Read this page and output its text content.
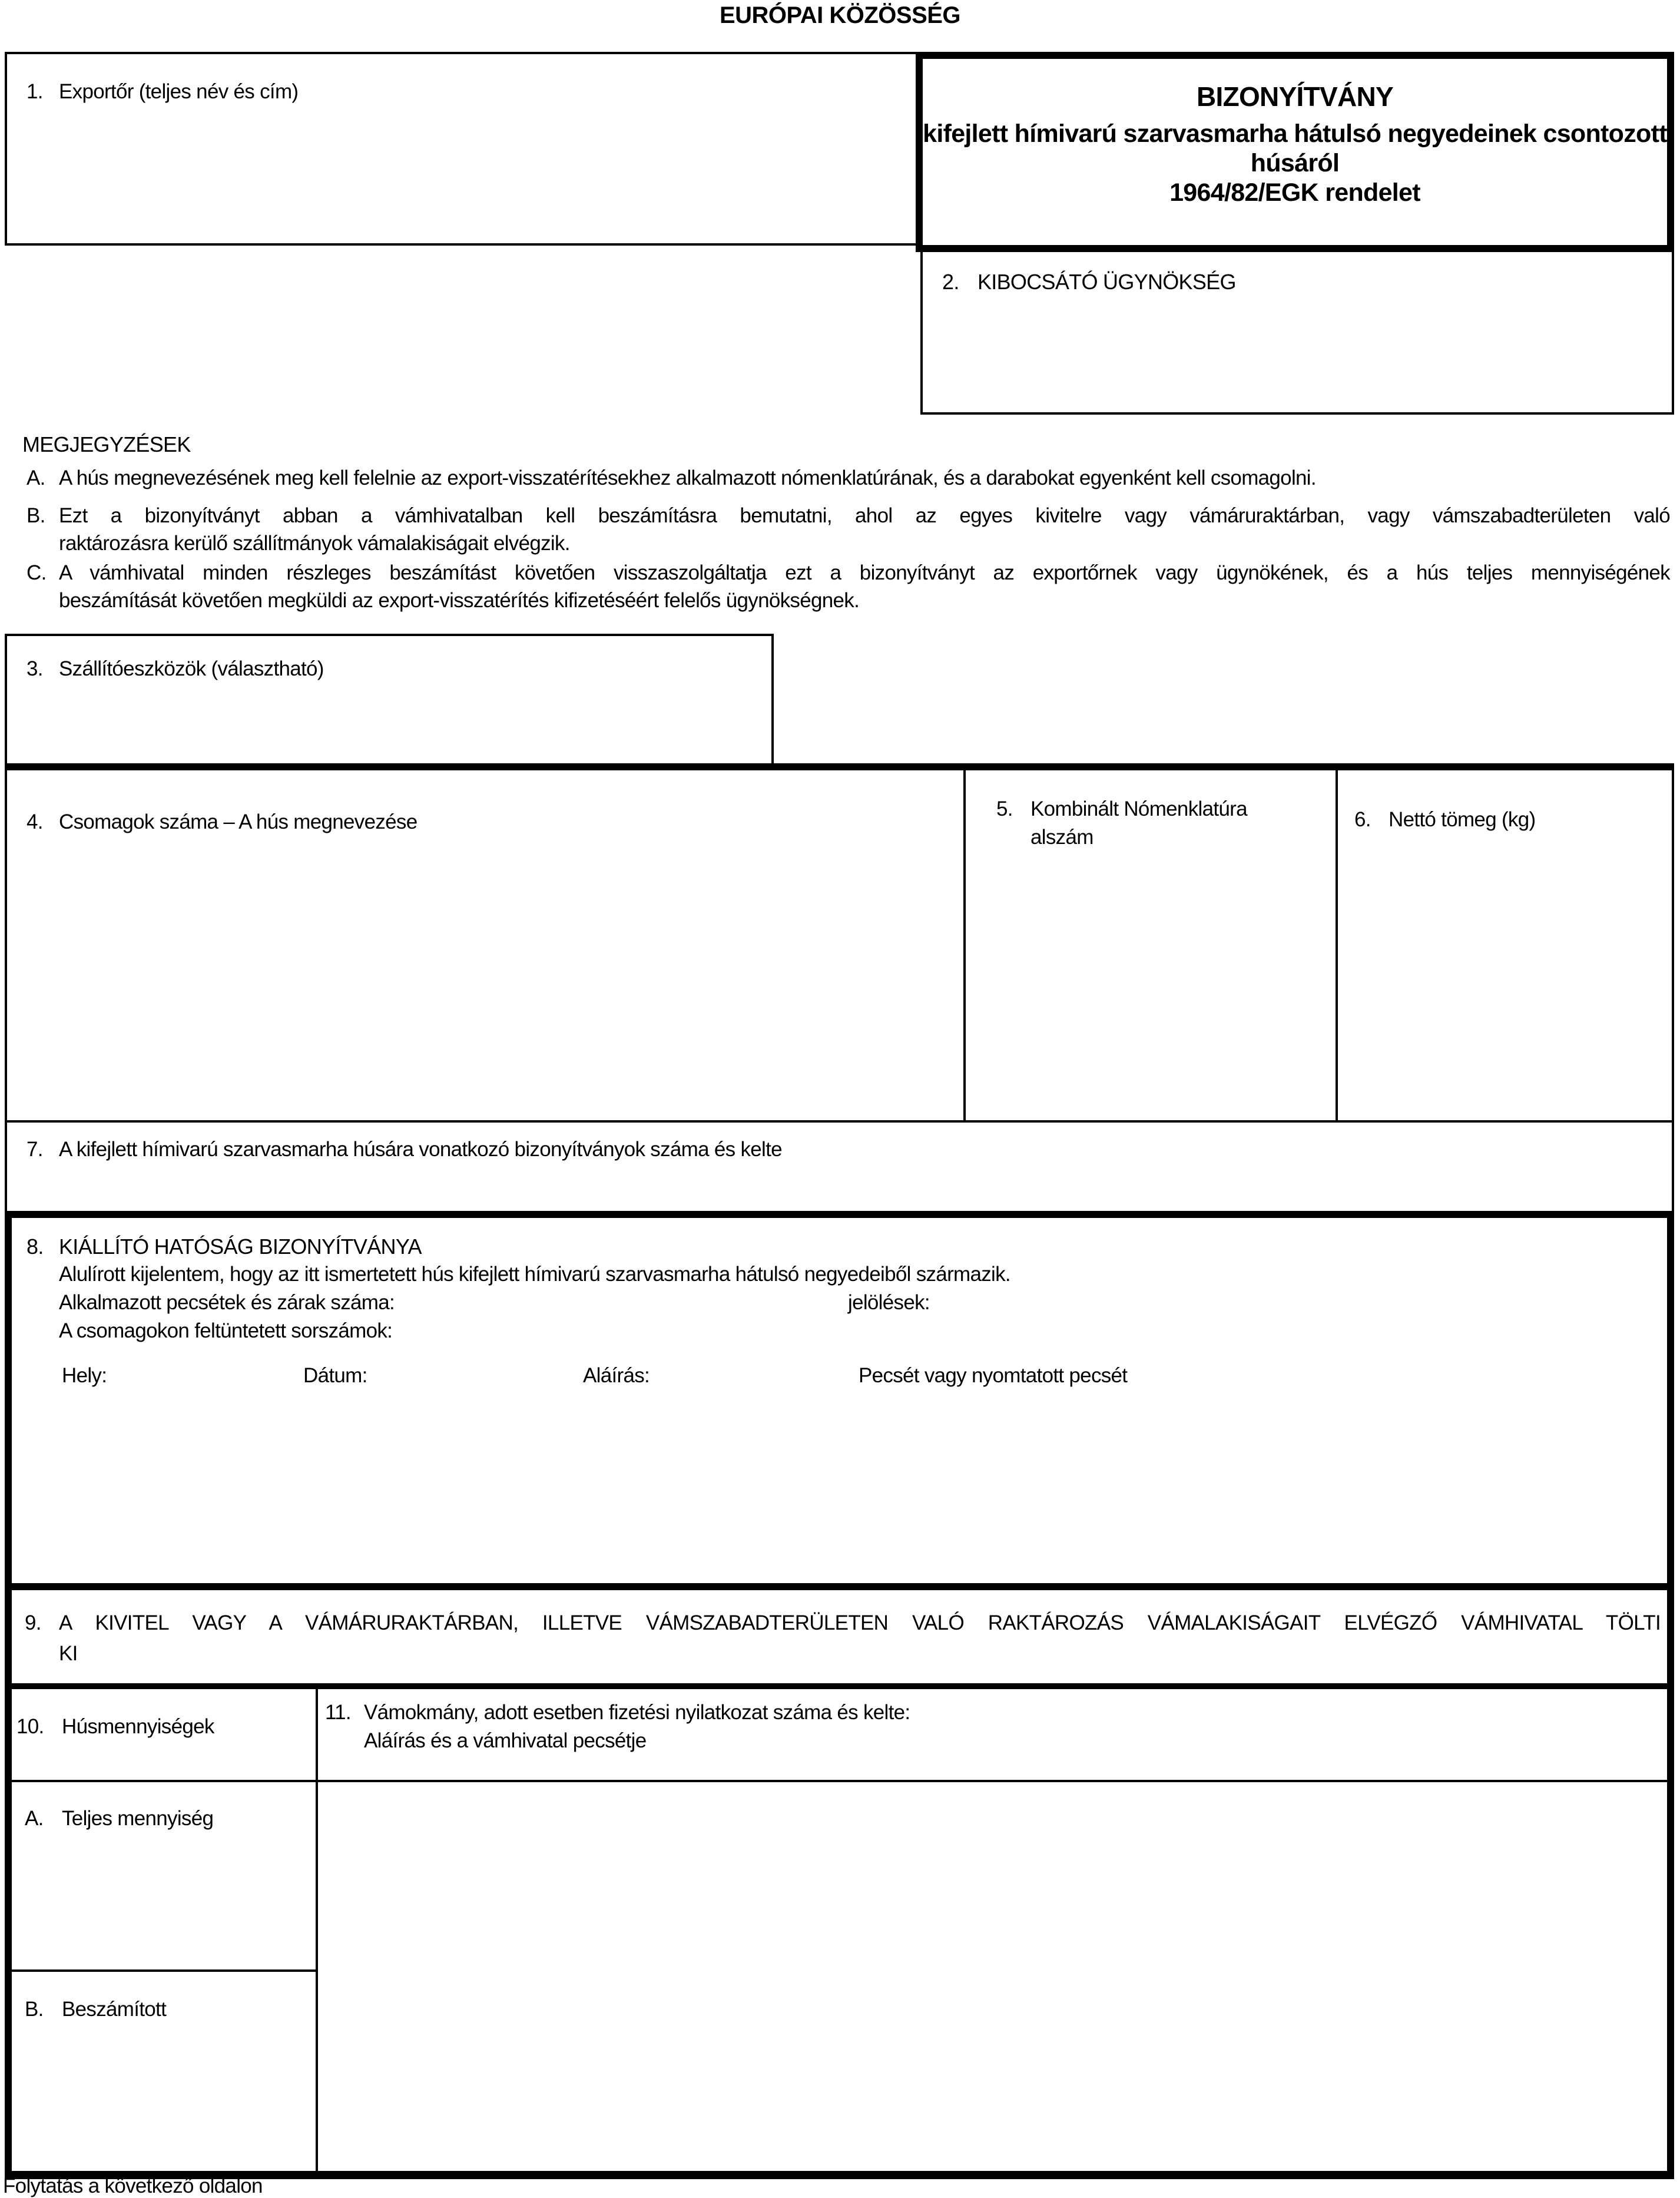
EURÓPAI KÖZÖSSÉG
1. Exportőr (teljes név és cím)	BIZONYÍTVÁNY
kifejlett hímivarú szarvasmarha hátulsó negyedeinek csontozott
húsáról
1964/82/EGK rendelet
2. KIBOCSÁTÓ ÜGYNÖKSÉG
MEGJEGYZÉSEK
A. A hús megnevezésének meg kell felelnie az export-visszatérítésekhez alkalmazott nómenklatúrának, és a darabokat egyenként kell csomagolni.
B. Ezt a bizonyítványt abban a vámhivatalban kell beszámításra bemutatni, ahol az egyes kivitelre vagy vámáruraktárban, vagy vámszabadterületen való
raktározásra kerülő szállítmányok vámalakiságait elvégzik.
C. A vámhivatal minden részleges beszámítást követően visszaszolgáltatja ezt a bizonyítványt az exportőrnek vagy ügynökének, és a hús teljes mennyiségének
beszámítását követően megküldi az export-visszatérítés kifizetéséért felelős ügynökségnek.
3. Szállítóeszközök (választható)
4. Csomagok száma – A hús megnevezése
5. Kombinált Nómenklatúra
alszám
6. Nettó tömeg (kg)
7. A kifejlett hímivarú szarvasmarha húsára vonatkozó bizonyítványok száma és kelte
8. KIÁLLÍTÓ HATÓSÁG BIZONYÍTVÁNYA
Alulírott kijelentem, hogy az itt ismertetett hús kifejlett hímivarú szarvasmarha hátulsó negyedeiből származik.
Alkalmazott pecsétek és zárak száma:	jelölések:
A csomagokon feltüntetett sorszámok:
Hely:	Dátum:	Aláírás:	Pecsét vagy nyomtatott pecsét
9. A KIVITEL VAGY A VÁMÁRURAKTÁRBAN, ILLETVE VÁMSZABADTERÜLETEN VALÓ RAKTÁROZÁS VÁMALAKISÁGAIT ELVÉGZŐ VÁMHIVATAL TÖLTI
KI
10. Húsmennyiségek
11. Vámokmány, adott esetben fizetési nyilatkozat száma és kelte:
Aláírás és a vámhivatal pecsétje
A. Teljes mennyiség
B. Beszámított
Folytatás a következő oldalon
